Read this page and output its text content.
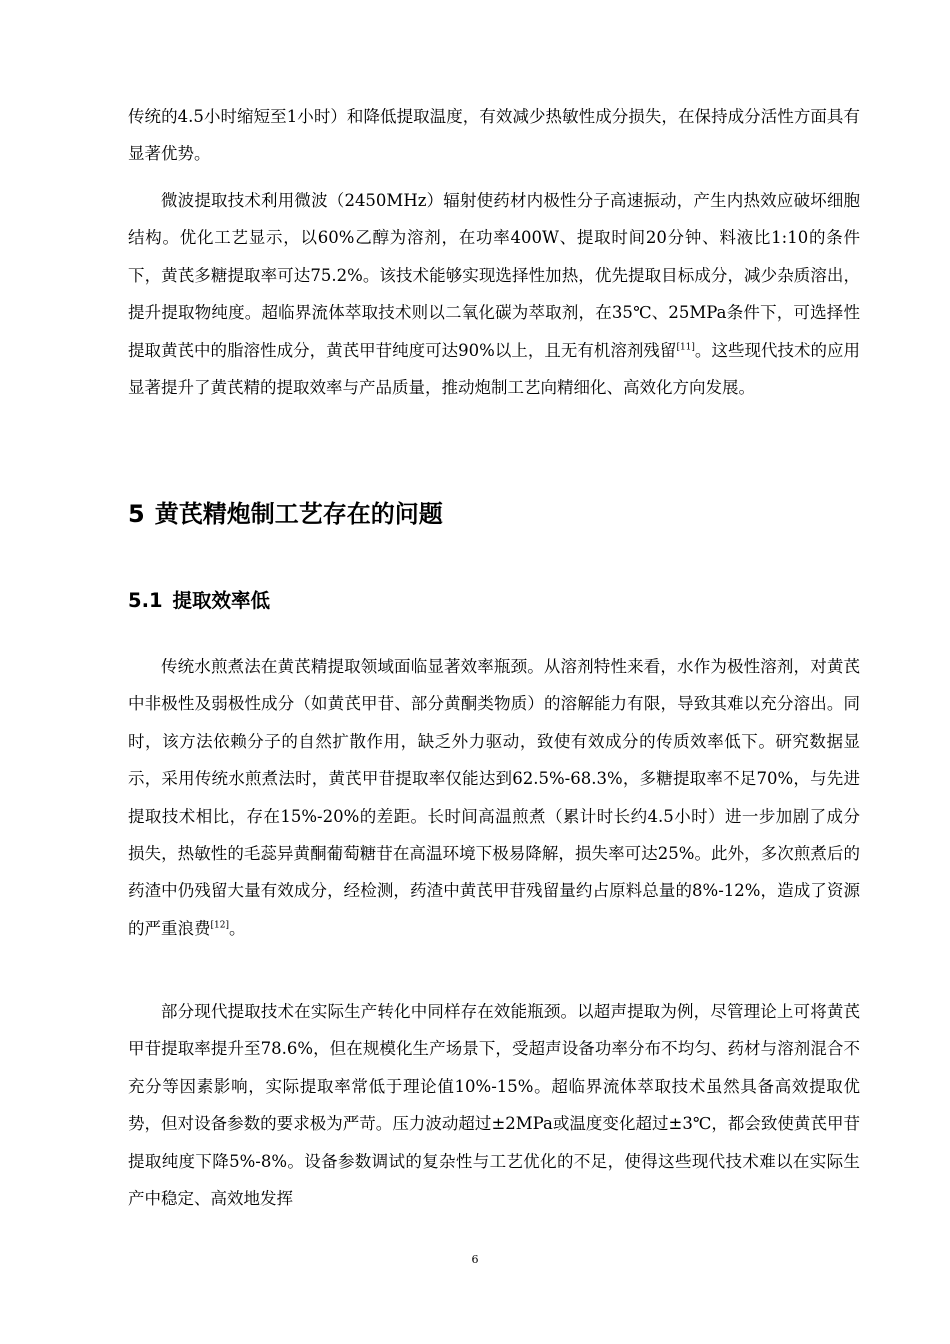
传统的4.5小时缩短至1小时）和降低提取温度，有效减少热敏性成分损失，在保持成分活性方面具有显著优势。

微波提取技术利用微波（2450MHz）辐射使药材内极性分子高速振动，产生内热效应破坏细胞结构。优化工艺显示，以60%乙醇为溶剂，在功率400W、提取时间20分钟、料液比1:10的条件下，黄芪多糖提取率可达75.2%。该技术能够实现选择性加热，优先提取目标成分，减少杂质溶出，提升提取物纯度。超临界流体萃取技术则以二氧化碳为萃取剂，在35℃、25MPa条件下，可选择性提取黄芪中的脂溶性成分，黄芪甲苷纯度可达90%以上，且无有机溶剂残留[11]。这些现代技术的应用显著提升了黄芪精的提取效率与产品质量，推动炮制工艺向精细化、高效化方向发展。

5 黄芪精炮制工艺存在的问题
5.1 提取效率低

传统水煎煮法在黄芪精提取领域面临显著效率瓶颈。从溶剂特性来看，水作为极性溶剂，对黄芪中非极性及弱极性成分（如黄芪甲苷、部分黄酮类物质）的溶解能力有限，导致其难以充分溶出。同时，该方法依赖分子的自然扩散作用，缺乏外力驱动，致使有效成分的传质效率低下。研究数据显示，采用传统水煎煮法时，黄芪甲苷提取率仅能达到62.5%-68.3%，多糖提取率不足70%，与先进提取技术相比，存在15%-20%的差距。长时间高温煎煮（累计时长约4.5小时）进一步加剧了成分损失，热敏性的毛蕊异黄酮葡萄糖苷在高温环境下极易降解，损失率可达25%。此外，多次煎煮后的药渣中仍残留大量有效成分，经检测，药渣中黄芪甲苷残留量约占原料总量的8%-12%，造成了资源的严重浪费[12]。

部分现代提取技术在实际生产转化中同样存在效能瓶颈。以超声提取为例，尽管理论上可将黄芪甲苷提取率提升至78.6%，但在规模化生产场景下，受超声设备功率分布不均匀、药材与溶剂混合不充分等因素影响，实际提取率常低于理论值10%-15%。超临界流体萃取技术虽然具备高效提取优势，但对设备参数的要求极为严苛。压力波动超过±2MPa或温度变化超过±3℃，都会致使黄芪甲苷提取纯度下降5%-8%。设备参数调试的复杂性与工艺优化的不足，使得这些现代技术难以在实际生产中稳定、高效地发挥

6
